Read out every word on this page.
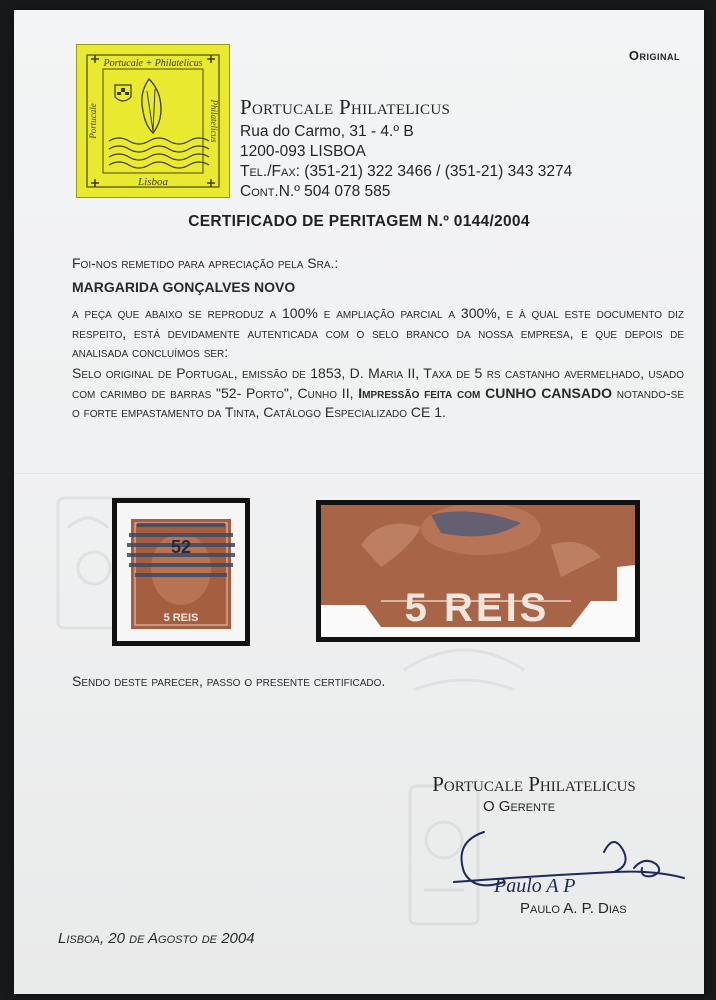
Original
Portucale + Philatelicus
Lisboa
Portucale	Philatelicus Portucale Philatelicus
Rua do Carmo, 31 - 4.º B
1200-093 LISBOA
Tel./Fax: (351-21) 322 3466 / (351-21) 343 3274
Cont.N.º 504 078 585
CERTIFICADO DE PERITAGEM N.º 0144/2004
Foi-nos remetido para apreciação pela Sra.:
MARGARIDA GONÇALVES NOVO
a peça que abaixo se reproduz a 100% e ampliação parcial a 300%, e à qual este documento diz respeito, está devidamente autenticada com o selo branco da nossa empresa, e que depois de analisada concluímos ser:
Selo original de Portugal, emissão de 1853, D. Maria II, Taxa de 5 rs castanho avermelhado, usado com carimbo de barras "52- Porto", Cunho II, Impressão feita com CUNHO CANSADO notando-se o forte empastamento da Tinta, Catálogo Especializado CE 1.
52
5 REIS	5 REIS
Sendo deste parecer, passo o presente certificado.
Portucale Philatelicus
O Gerente
Paulo A P
Paulo A. P. Dias
Lisboa, 20 de Agosto de 2004
